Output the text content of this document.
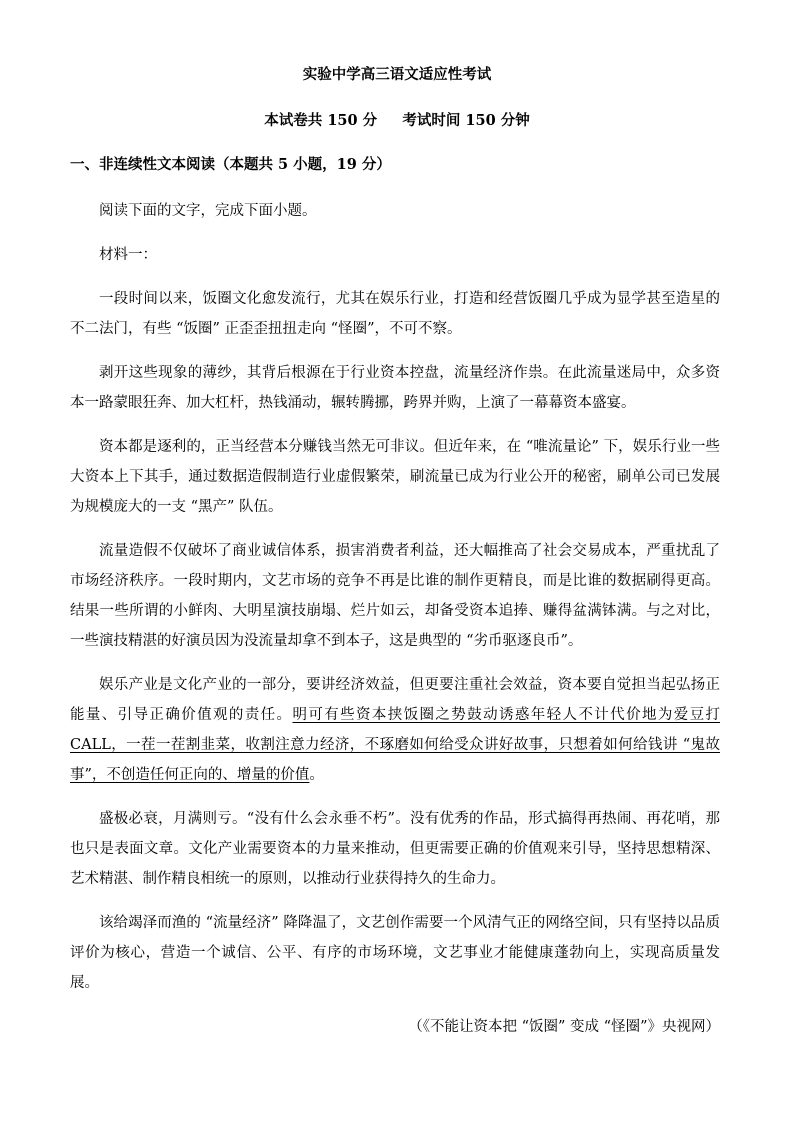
实验中学高三语文适应性考试
本试卷共 150 分     考试时间 150 分钟
一、非连续性文本阅读（本题共 5 小题，19 分）

阅读下面的文字，完成下面小题。

材料一：

一段时间以来，饭圈文化愈发流行，尤其在娱乐行业，打造和经营饭圈几乎成为显学甚至造星的不二法门，有些 “饭圈” 正歪歪扭扭走向 “怪圈”，不可不察。

剥开这些现象的薄纱，其背后根源在于行业资本控盘，流量经济作祟。在此流量迷局中，众多资本一路蒙眼狂奔、加大杠杆，热钱涌动，辗转腾挪，跨界并购，上演了一幕幕资本盛宴。

资本都是逐利的，正当经营本分赚钱当然无可非议。但近年来，在 “唯流量论” 下，娱乐行业一些大资本上下其手，通过数据造假制造行业虚假繁荣，刷流量已成为行业公开的秘密，刷单公司已发展为规模庞大的一支 “黑产” 队伍。

流量造假不仅破坏了商业诚信体系，损害消费者利益，还大幅推高了社会交易成本，严重扰乱了市场经济秩序。一段时期内，文艺市场的竞争不再是比谁的制作更精良，而是比谁的数据刷得更高。结果一些所谓的小鲜肉、大明星演技崩塌、烂片如云，却备受资本追捧、赚得盆满钵满。与之对比，一些演技精湛的好演员因为没流量却拿不到本子，这是典型的 “劣币驱逐良币”。

娱乐产业是文化产业的一部分，要讲经济效益，但更要注重社会效益，资本要自觉担当起弘扬正能量、引导正确价值观的责任。明可有些资本挟饭圈之势鼓动诱惑年轻人不计代价地为爱豆打 CALL，一茬一茬割韭菜，收割注意力经济，不琢磨如何给受众讲好故事，只想着如何给钱讲 “鬼故事”，不创造任何正向的、增量的价值。

盛极必衰，月满则亏。“没有什么会永垂不朽”。没有优秀的作品，形式搞得再热闹、再花哨，那也只是表面文章。文化产业需要资本的力量来推动，但更需要正确的价值观来引导，坚持思想精深、艺术精湛、制作精良相统一的原则，以推动行业获得持久的生命力。

该给竭泽而渔的 “流量经济” 降降温了，文艺创作需要一个风清气正的网络空间，只有坚持以品质评价为核心，营造一个诚信、公平、有序的市场环境，文艺事业才能健康蓬勃向上，实现高质量发展。

（《不能让资本把 “饭圈” 变成 “怪圈”》央视网）
